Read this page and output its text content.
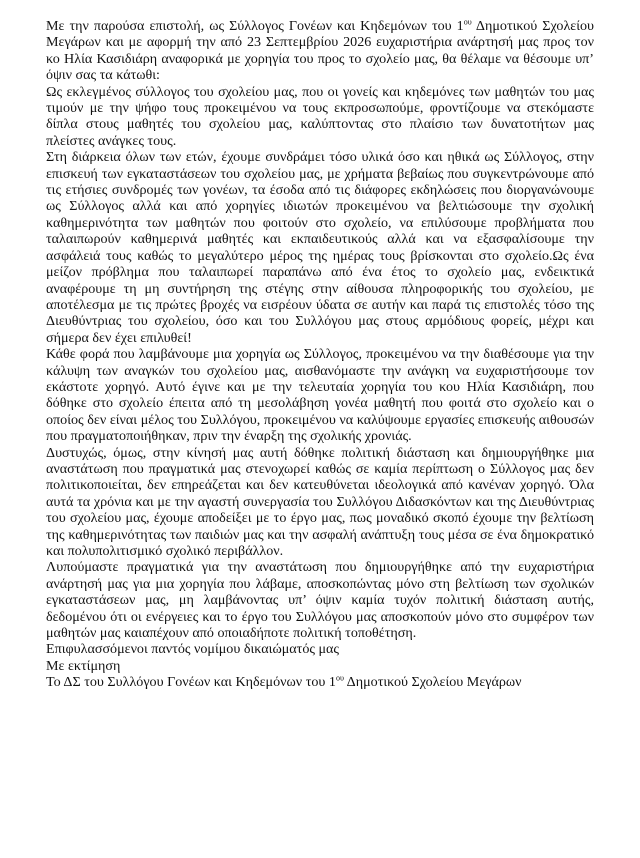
Με την παρούσα επιστολή, ως Σύλλογος Γονέων και Κηδεμόνων του $1^{o\upsilon}$ Δημοτικού Σχολείου Μεγάρων και με αφορμή την από 23 Σεπτεμβρίου 2026 ευχαριστήρια ανάρτησή μας προς τον κο Ηλία Κασιδιάρη αναφορικά με χορηγία του προς το σχολείο μας, θα θέλαμε να θέσουμε υπ’ όψιν σας τα κάτωθι:

Ως εκλεγμένος σύλλογος του σχολείου μας, που οι γονείς και κηδεμόνες των μαθητών του μας τιμούν με την ψήφο τους προκειμένου να τους εκπροσωπούμε, φροντίζουμε να στεκόμαστε δίπλα στους μαθητές του σχολείου μας, καλύπτοντας στο πλαίσιο των δυνατοτήτων μας πλείστες ανάγκες τους.

Στη διάρκεια όλων των ετών, έχουμε συνδράμει τόσο υλικά όσο και ηθικά ως Σύλλογος, στην επισκευή των εγκαταστάσεων του σχολείου μας, με χρήματα βεβαίως που συγκεντρώνουμε από τις ετήσιες συνδρομές των γονέων, τα έσοδα από τις διάφορες εκδηλώσεις που διοργανώνουμε ως Σύλλογος αλλά και από χορηγίες ιδιωτών προκειμένου να βελτιώσουμε την σχολική καθημερινότητα των μαθητών που φοιτούν στο σχολείο, να επιλύσουμε προβλήματα που ταλαιπωρούν καθημερινά μαθητές και εκπαιδευτικούς αλλά και να εξασφαλίσουμε την ασφάλειά τους καθώς το μεγαλύτερο μέρος της ημέρας τους βρίσκονται στο σχολείο.Ως ένα μείζον πρόβλημα που ταλαιπωρεί παραπάνω από ένα έτος το σχολείο μας, ενδεικτικά αναφέρουμε τη μη συντήρηση της στέγης στην αίθουσα πληροφορικής του σχολείου, με αποτέλεσμα με τις πρώτες βροχές να εισρέουν ύδατα σε αυτήν και παρά τις επιστολές τόσο της Διευθύντριας του σχολείου, όσο και του Συλλόγου μας στους αρμόδιους φορείς, μέχρι και σήμερα δεν έχει επιλυθεί!

Κάθε φορά που λαμβάνουμε μια χορηγία ως Σύλλογος, προκειμένου να την διαθέσουμε για την κάλυψη των αναγκών του σχολείου μας, αισθανόμαστε την ανάγκη να ευχαριστήσουμε τον εκάστοτε χορηγό. Αυτό έγινε και με την τελευταία χορηγία του κου Ηλία Κασιδιάρη, που δόθηκε στο σχολείο έπειτα από τη μεσολάβηση γονέα μαθητή που φοιτά στο σχολείο και ο οποίος δεν είναι μέλος του Συλλόγου, προκειμένου να καλύψουμε εργασίες επισκευής αιθουσών που πραγματοποιήθηκαν, πριν την έναρξη της σχολικής χρονιάς.

Δυστυχώς, όμως, στην κίνησή μας αυτή δόθηκε πολιτική διάσταση και δημιουργήθηκε μια αναστάτωση που πραγματικά μας στενοχωρεί καθώς σε καμία περίπτωση ο Σύλλογος μας δεν πολιτικοποιείται, δεν επηρεάζεται και δεν κατευθύνεται ιδεολογικά από κανέναν χορηγό. Όλα αυτά τα χρόνια και με την αγαστή συνεργασία του Συλλόγου Διδασκόντων και της Διευθύντριας του σχολείου μας, έχουμε αποδείξει με το έργο μας, πως μοναδικό σκοπό έχουμε την βελτίωση της καθημερινότητας των παιδιών μας και την ασφαλή ανάπτυξη τους μέσα σε ένα δημοκρατικό και πολυπολιτισμικό σχολικό περιβάλλον.

Λυπούμαστε πραγματικά για την αναστάτωση που δημιουργήθηκε από την ευχαριστήρια ανάρτησή μας για μια χορηγία που λάβαμε, αποσκοπώντας μόνο στη βελτίωση των σχολικών εγκαταστάσεων μας, μη λαμβάνοντας υπ’ όψιν καμία τυχόν πολιτική διάσταση αυτής, δεδομένου ότι οι ενέργειες και το έργο του Συλλόγου μας αποσκοπούν μόνο στο συμφέρον των μαθητών μας καιαπέχουν από οποιαδήποτε πολιτική τοποθέτηση.

Επιφυλασσόμενοι παντός νομίμου δικαιώματός μας

Με εκτίμηση

Το ΔΣ του Συλλόγου Γονέων και Κηδεμόνων του $1^{o\upsilon}$ Δημοτικού Σχολείου Μεγάρων
